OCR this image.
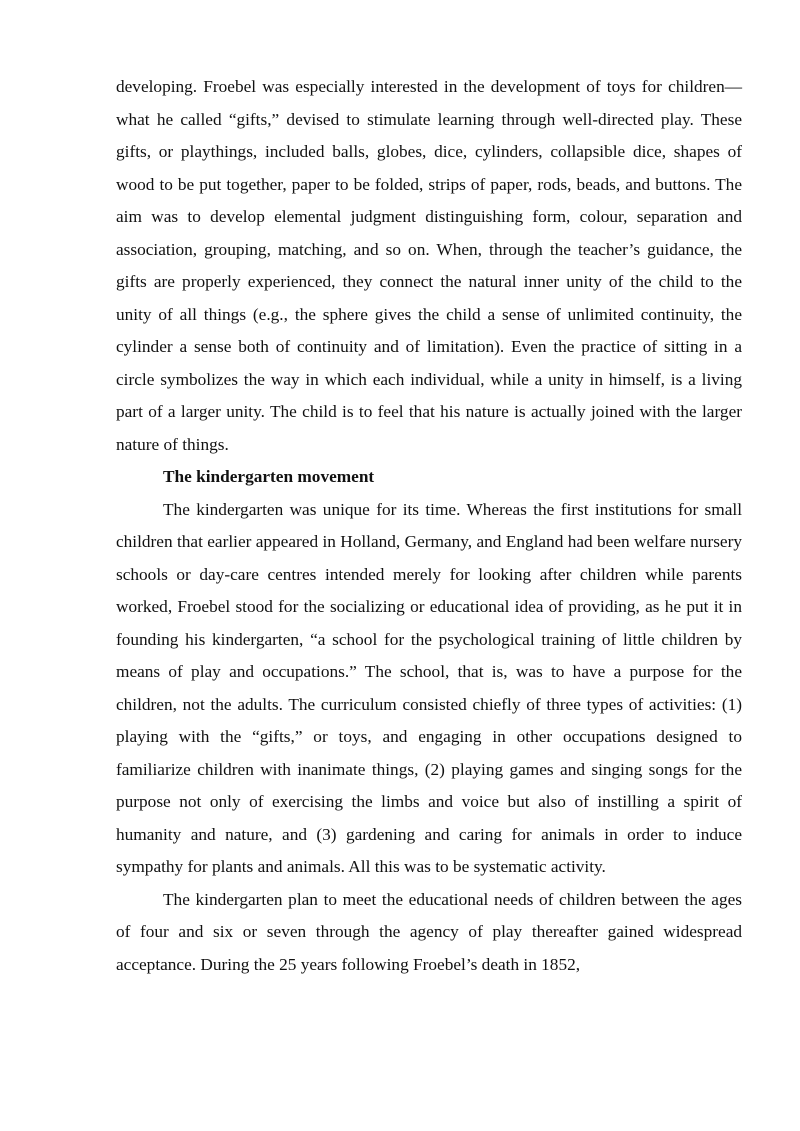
developing. Froebel was especially interested in the development of toys for children—what he called “gifts,” devised to stimulate learning through well-directed play. These gifts, or playthings, included balls, globes, dice, cylinders, collapsible dice, shapes of wood to be put together, paper to be folded, strips of paper, rods, beads, and buttons. The aim was to develop elemental judgment distinguishing form, colour, separation and association, grouping, matching, and so on. When, through the teacher’s guidance, the gifts are properly experienced, they connect the natural inner unity of the child to the unity of all things (e.g., the sphere gives the child a sense of unlimited continuity, the cylinder a sense both of continuity and of limitation). Even the practice of sitting in a circle symbolizes the way in which each individual, while a unity in himself, is a living part of a larger unity. The child is to feel that his nature is actually joined with the larger nature of things.

The kindergarten movement

The kindergarten was unique for its time. Whereas the first institutions for small children that earlier appeared in Holland, Germany, and England had been welfare nursery schools or day-care centres intended merely for looking after children while parents worked, Froebel stood for the socializing or educational idea of providing, as he put it in founding his kindergarten, “a school for the psychological training of little children by means of play and occupations.” The school, that is, was to have a purpose for the children, not the adults. The curriculum consisted chiefly of three types of activities: (1) playing with the “gifts,” or toys, and engaging in other occupations designed to familiarize children with inanimate things, (2) playing games and singing songs for the purpose not only of exercising the limbs and voice but also of instilling a spirit of humanity and nature, and (3) gardening and caring for animals in order to induce sympathy for plants and animals. All this was to be systematic activity.

The kindergarten plan to meet the educational needs of children between the ages of four and six or seven through the agency of play thereafter gained widespread acceptance. During the 25 years following Froebel’s death in 1852,
